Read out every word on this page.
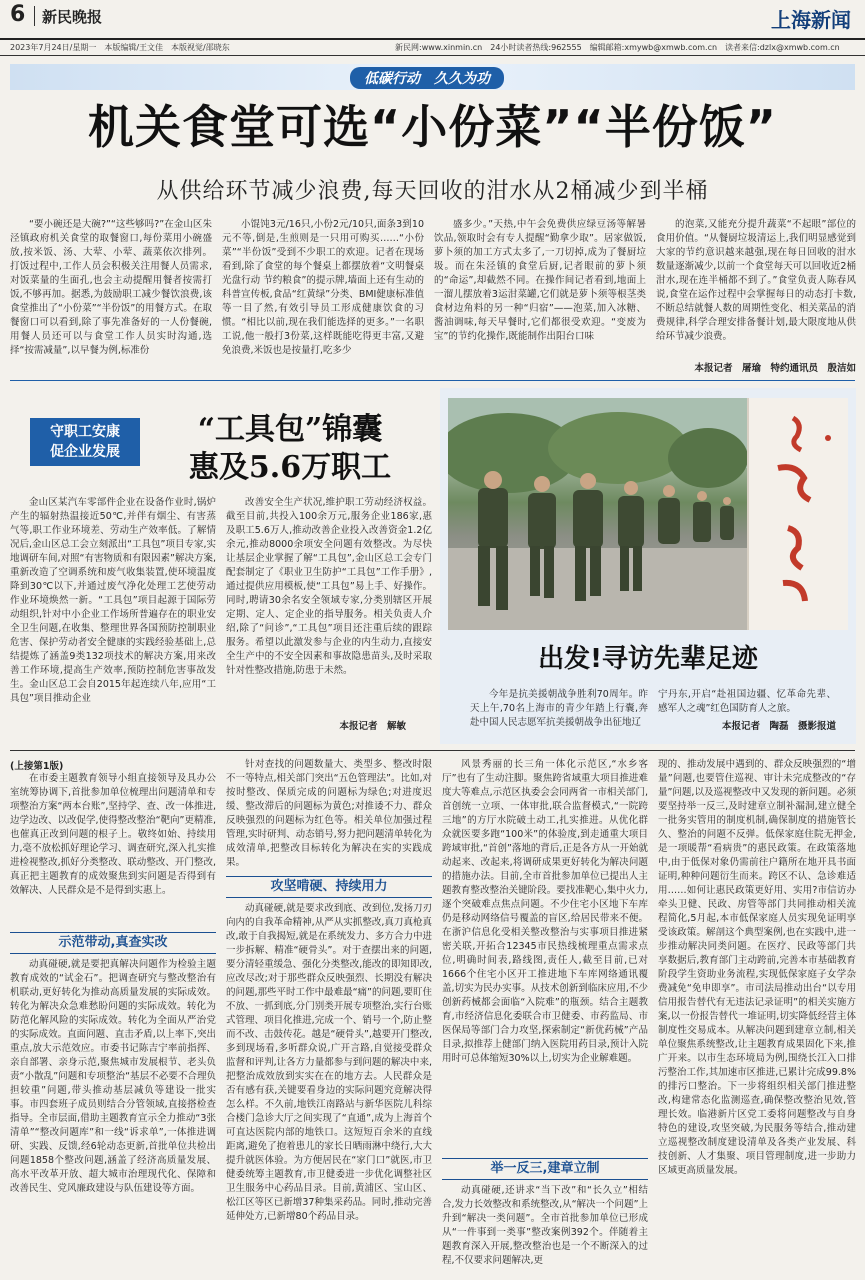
6 新民晚报	上海新闻
2023年7月24日/星期一　本版编辑/王文佳　本版视觉/邵晓东	新民网:www.xinmin.cn　24小时读者热线:962555　编辑邮箱:xmywb@xmwb.com.cn　读者来信:dzlx@xmwb.com.cn
低碳行动　久久为功
机关食堂可选“小份菜”“半份饭”
从供给环节减少浪费,每天回收的泔水从2桶减少到半桶

“要小碗还是大碗?”“这些够吗?”在金山区朱泾镇政府机关食堂的取餐窗口,每份菜用小碗盛放,按米饭、汤、大荤、小荤、蔬菜依次排列。打饭过程中,工作人员会积极关注用餐人员需求,对饭菜量的生面孔,也会主动提醒用餐者按需打饭,不够再加。据悉,为鼓励职工减少餐饮浪费,该食堂推出了“小份菜”“半份饭”的用餐方式。在取餐窗口可以看到,除了事先准备好的一人份餐碗,用餐人员还可以与食堂工作人员实时沟通,选择“按需减量”,以早餐为例,标准份

小馄饨3元/16只,小份2元/10只,面条3到10元不等,倒是,生煎则是一只用可购买……“小份菜”“半份饭”受到不少职工的欢迎。记者在现场看到,除了食堂的每个餐桌上都摆放着“文明餐桌 光盘行动 节约粮食”的提示牌,墙面上还有生动的科普宣传板,食品“红黄绿”分类、BMI健康标准值等一目了然,有效引导员工形成健康饮食的习惯。“相比以前,现在我们能选择的更多。”一名职工说,他一般打3份菜,这样既能吃得更丰富,又避免浪费,米饭也是按量打,吃多少

盛多少。”天热,中午会免费供应绿豆汤等解暑饮品,领取时会有专人提醒“勤拿少取”。居家做饭,萝卜须的加工方式太多了,一刀切掉,成为了餐厨垃圾。而在朱泾镇的食堂后厨,记者眼前的萝卜须的“命运”,却截然不同。在操作间记者看到,地面上一溜儿摆放着3运泔菜罐,它们就是萝卜须等根茎类食材边角料的另一种“归宿”——泡菜,加入冰糖、酱油调味,每天早餐时,它们都很受欢迎。“变废为宝”的节约化操作,既能制作出阳台口味

的泡菜,又能充分提升蔬菜“不起眼”部位的食用价值。“从餐厨垃圾清运上,我们明显感觉到大家的节约意识越来越强,现在每日回收的泔水数量逐渐减少,以前一个食堂每天可以回收近2桶泔水,现在连半桶都不到了。”食堂负责人陈春风说,食堂在运作过程中会掌握每日的动态打卡数,不断总结就餐人数的周期性变化、相关菜品的消费规律,科学合理安排备餐计划,最大限度地从供给环节减少浪费。

本报记者　屠瑜　特约通讯员　殷洁如
守职工安康
促企业发展
“工具包”锦囊
惠及5.6万职工

金山区某汽车零部件企业在设备作业时,锅炉产生的辐射热温接近50℃,并伴有烟尘、有害蒸气等,职工作业环境差、劳动生产效率低。了解情况后,金山区总工会立刻派出“工具包”项目专家,实地调研车间,对照“有害物质和有限因素”解决方案,重新改造了空调系统和废气收集装置,使环境温度降到30℃以下,并通过废气净化处理工艺使劳动作业环境焕然一新。“工具包”项目起源于国际劳动组织,针对中小企业工作场所普遍存在的职业安全卫生问题,在收集、整理世界各国预防控制职业危害、保护劳动者安全健康的实践经验基础上,总结提炼了涵盖9类132项技术的解决方案,用来改善工作环境,提高生产效率,预防控制危害事故发生。金山区总工会自2015年起连续八年,应用“工具包”项目推动企业

改善安全生产状况,维护职工劳动经济权益。截至目前,共投入100余万元,服务企业186家,惠及职工5.6万人,推动改善企业投入改善资金1.2亿余元,推动8000余项安全问题有效整改。为尽快让基层企业掌握了解“工具包”,金山区总工会专门配套制定了《职业卫生防护“工具包”工作手册》,通过提供应用模板,使“工具包”易上手、好操作。同时,聘请30余名安全领域专家,分类别辖区开展定期、定人、定企业的指导服务。相关负责人介绍,除了“问诊”,“工具包”项目还注重后续的跟踪服务。希望以此激发参与企业的内生动力,直接安全生产中的不安全因素和事故隐患苗头,及时采取针对性整改措施,防患于未然。

本报记者　解敏
出发!寻访先辈足迹

今年是抗美援朝战争胜利70周年。昨天上午,70名上海市的青少年踏上行囊,奔赴中国人民志愿军抗美援朝战争出征地辽

宁丹东,开启“赴祖国边疆、忆革命先辈、感军人之魂”红色国防育人之旅。

本报记者　陶磊　摄影报道
(上接第1版)

在市委主题教育领导小组直接领导及具办公室统筹协调下,首批参加单位梳理出问题清单和专项整治方案“两本台账”,坚持学、查、改一体推进,边学边改、以改促学,使得整改整治“靶向”更精准,也催真正改到问题的根子上。敬终如始、持续用力,毫不放松抓好理论学习、调查研究,深入扎实推进检视整改,抓好分类整改、联动整改、开门整改,真正把主题教育的成效聚焦到实问题是否得到有效解决、人民群众是不是得到实惠上。

示范带动,真查实改

动真碰硬,就是要把真解决问题作为检验主题教育成效的“试金石”。把调查研究与整改整治有机联动,更好转化为推动高质量发展的实际成效。转化为解决众急难愁盼问题的实际成效。转化为防范化解风险的实际成效。转化为全面从严治党的实际成效。直面问题、直击矛盾,以上率下,突出重点,放大示范效应。市委书记陈吉宁率前指挥、亲自部署、亲身示范,聚焦城市发展根节、老头负责“小散乱”问题和专项整治“基层不必要不合理负担较重”问题,带头推动基层减负等建设一批实事。市四套班子成员则结合分管领域,直接搭检查指导。全市层面,借助主题教育宣示全力推动“3张清单”“整改问题库”和一线“诉求单”,一体推进调研、实践、反馈,经6轮动态更新,首批单位共检出问题1858个整改问题,涵盖了经济高质量发展、高水平改革开放、超大城市治理现代化、保障和改善民生、党风廉政建设与队伍建设等方面。

针对查找的问题数量大、类型多、整改时限不一等特点,相关部门突出“五色管理法”。比如,对按时整改、保质完成的问题标为绿色;对进度迟缓、整改滞后的问题标为黄色;对推诿不力、群众反映强烈的问题标为红色等。相关单位加强过程管理,实时研判、动态销号,努力把问题清单转化为成效清单,把整改目标转化为解决在实的实践成果。

攻坚啃硬、持续用力

动真碰硬,就是要求改到底、改到位,发扬刀刃向内的自我革命精神,从严从实抓整改,真刀真枪真改,敢于自我揭短,就是在系统发力、多方合力中进一步拆解、精准“硬骨头”。对于查摆出来的问题,要分清轻重缓急、强化分类整改,能改的即知即改,应改尽改;对于那些群众反映强烈、长期没有解决的问题,那些平时工作中最难最“痛”的问题,要盯住不放、一抓到底,分门别类开展专项整治,实行台账式管理、项目化推进,完成一个、销号一个,防止整而不改、击鼓传花。越是“硬骨头”,越要开门整改,多到现场看,多听群众说,广开言路,自觉接受群众监督和评判,让各方力量都参与到问题的解决中来,把整治成效放到实实在在的地方去。人民群众是否有感有获,关键要看身边的实际问题究竟解决得怎么样。不久前,地铁江南路站与新华医院儿科综合楼门急诊大厅之间实现了“直通”,成为上海首个可直达医院内部的地铁口。这短短百余米的直线距离,避免了抱着患儿的家长日晒雨淋中绕行,大大提升就医体验。为方便居民在“家门口”就医,市卫健委统筹主题教育,市卫健委进一步优化调整社区卫生服务中心药品目录。目前,黄浦区、宝山区、松江区等区已新增37种集采药品。同时,推动完善延伸处方,已新增80个药品目录。

风景秀丽的长三角一体化示范区,“水乡客厅”也有了生动注脚。聚焦跨省域重大项目推进难度大等难点,示范区执委会会同两省一市相关部门,首创统一立项、一体审批,联合监督模式,“一院跨三地”的方厅水院破土动工,扎实推进。从优化群众就医要多跑“100米”的体验度,到走通重大项目跨域审批,“首创”落地的背后,正是各方从一开始就动起来、改起来,将调研成果更好转化为解决问题的措施办法。目前,全市首批参加单位已提出人主题教育整改整治关键阶段。要找准靶心,集中火力,逐个突破难点焦点问题。不少住宅小区地下车库仍是移动网络信号覆盖的盲区,给居民带来不便。在浙沪信息化受相关整改整治与实事项目推进紧密关联,开拓合12345市民热线梳理重点需求点位,明确时间表,路线图,责任人,截至目前,已对1666个住宅小区开工推进地下车库网络通讯覆盖,切实为民办实事。从技术创新到临床应用,不少创新药械都会面临“入院难”的瓶颈。结合主题教育,市经济信息化委联合市卫健委、市药监局、市医保局等部门合力攻坚,探索制定“新优药械”产品目录,拟推荐上健部门纳入医院用药目录,预计入院用时可总体缩短30%以上,切实为企业解难题。

举一反三,建章立制

动真碰硬,还讲求“当下改”和“长久立”相结合,发力长效整改和系统整改,从“解决一个问题”上升到“解决一类问题”。全市首批参加单位已形成从“一件事到一类事”整改案例392个。伴随着主题教育深入开展,整改整治也是一个不断深入的过程,不仅要求问题解决,更

现的、推动发展中遇到的、群众反映强烈的“增量”问题,也要管住巡视、审计未完成整改的“存量”问题,以及巡视整改中又发现的新问题。必须要坚持举一反三,及时建章立制补漏洞,建立健全一批务实管用的制度机制,确保制度的措施管长久、整治的问题不反弹。低保家庭住院无押金,是一项暖帮“看病贵”的惠民政策。在政策落地中,由于低保对象仍需前往户籍所在地开具书面证明,种种问题衍生而来。跨区不认、急诊难适用……如何让惠民政策更好用、实用?市信访办牵头卫健、民政、房管等部门共同推动相关流程简化,5月起,本市低保家庭人员实现免证明享受该政策。解剖这个典型案例,也在实践中,进一步推动解决同类问题。在医疗、民政等部门共享数据后,教育部门主动跨前,完善本市基础教育阶段学生资助业务流程,实现低保家庭子女学杂费减免“免申即享”。市司法局推动出台“以专用信用报告替代有无违法记录证明”的相关实施方案,以一份报告替代一堆证明,切实降低经营主体制度性交易成本。从解决问题到建章立制,相关单位聚焦系统整改,让主题教育成果固化下来,推广开来。以市生态环境局为例,围绕长江入口排污整治工作,其加速市区推进,已累计完成99.8%的排污口整治。下一步将组织相关部门推进整改,构建常态化监测巡查,确保整改整治见效,管理长效。临港新片区党工委将问题整改与自身特色的建设,攻坚突破,为民服务等结合,推动建立巡视整改制度建设清单及各类产业发展、科技创新、人才集聚、项目管理制度,进一步助力区域更高质量发展。
